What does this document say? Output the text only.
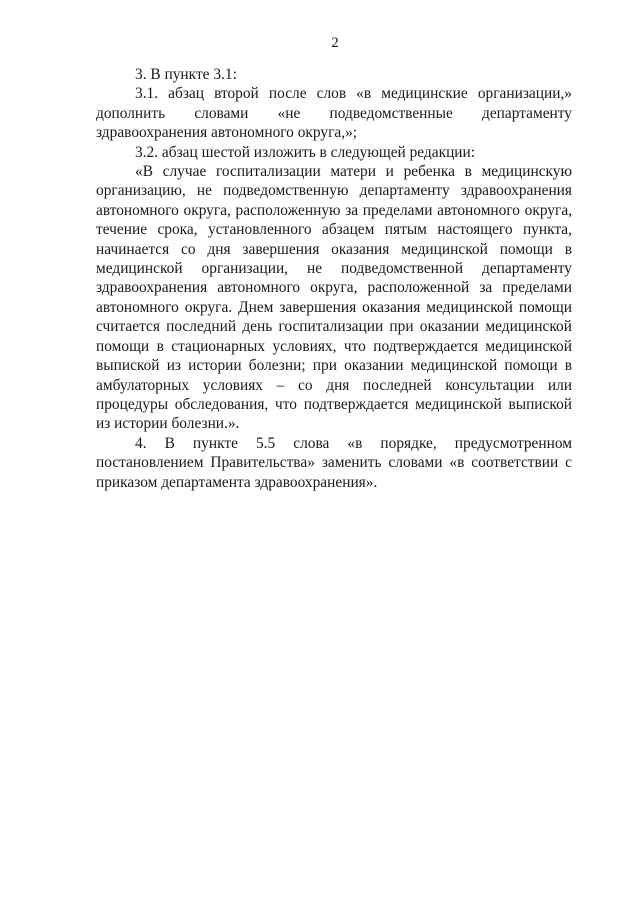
2

3. В пункте 3.1:

3.1. абзац второй после слов «в медицинские организации,» дополнить словами «не подведомственные департаменту здравоохранения автономного округа,»;

3.2. абзац шестой изложить в следующей редакции:

«В случае госпитализации матери и ребенка в медицинскую организацию, не подведомственную департаменту здравоохранения автономного округа, расположенную за пределами автономного округа, течение срока, установленного абзацем пятым настоящего пункта, начинается со дня завершения оказания медицинской помощи в медицинской организации, не подведомственной департаменту здравоохранения автономного округа, расположенной за пределами автономного округа. Днем завершения оказания медицинской помощи считается последний день госпитализации при оказании медицинской помощи в стационарных условиях, что подтверждается медицинской выпиской из истории болезни; при оказании медицинской помощи в амбулаторных условиях – со дня последней консультации или процедуры обследования, что подтверждается медицинской выпиской из истории болезни.».

4. В пункте 5.5 слова «в порядке, предусмотренном постановлением Правительства» заменить словами «в соответствии с приказом департамента здравоохранения».
